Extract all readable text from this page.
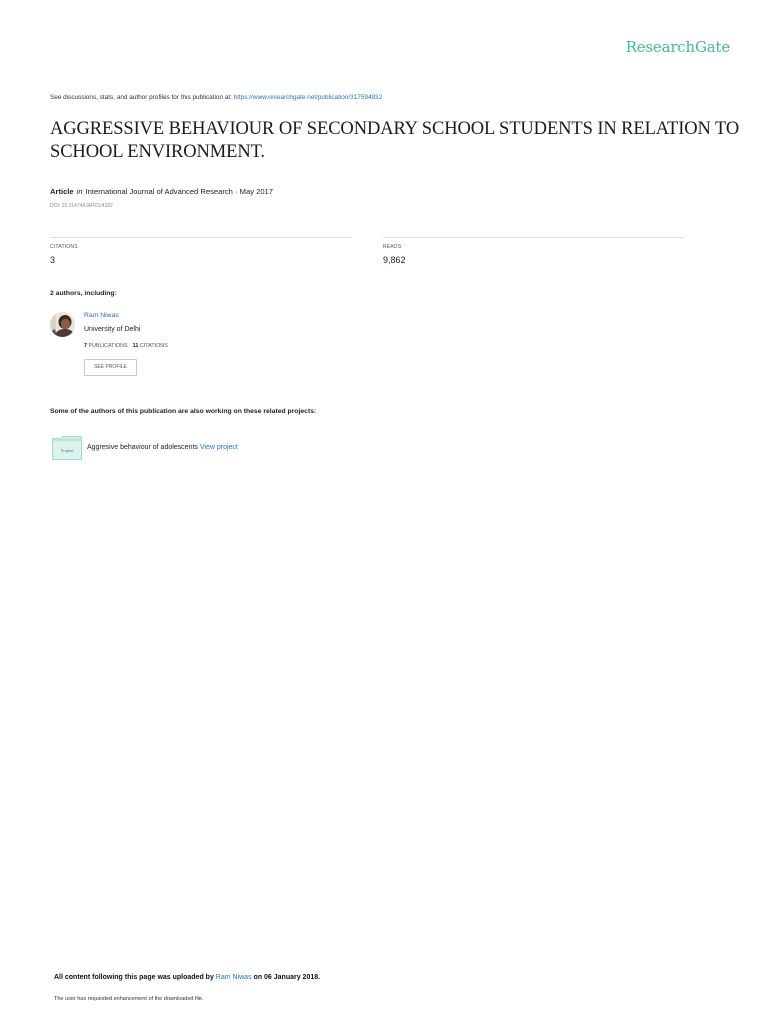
ResearchGate
See discussions, stats, and author profiles for this publication at: https://www.researchgate.net/publication/317594932
AGGRESSIVE BEHAVIOUR OF SECONDARY SCHOOL STUDENTS IN RELATION TO SCHOOL ENVIRONMENT.
Article in International Journal of Advanced Research · May 2017
DOI: 10.21474/IJAR01/4182
CITATIONS
3
READS
9,862
2 authors, including:
Ram Niwas
University of Delhi
7 PUBLICATIONS 11 CITATIONS
SEE PROFILE
Some of the authors of this publication are also working on these related projects:
Project Aggresive behaviour of adolescents View project
All content following this page was uploaded by Ram Niwas on 06 January 2018.
The user has requested enhancement of the downloaded file.
